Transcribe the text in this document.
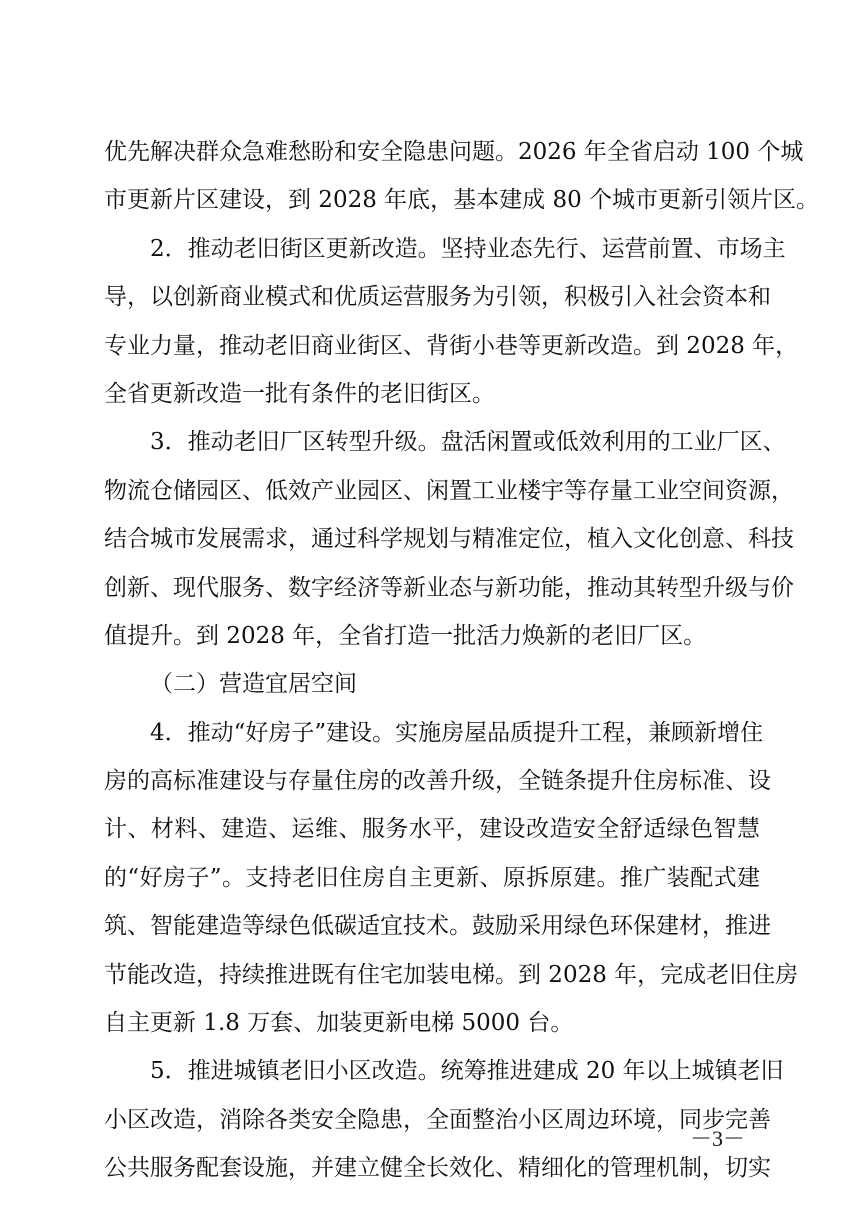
优先解决群众急难愁盼和安全隐患问题。2026 年全省启动 100 个城
市更新片区建设，到 2028 年底，基本建成 80 个城市更新引领片区。
2．推动老旧街区更新改造。坚持业态先行、运营前置、市场主
导，以创新商业模式和优质运营服务为引领，积极引入社会资本和
专业力量，推动老旧商业街区、背街小巷等更新改造。到 2028 年，
全省更新改造一批有条件的老旧街区。
3．推动老旧厂区转型升级。盘活闲置或低效利用的工业厂区、
物流仓储园区、低效产业园区、闲置工业楼宇等存量工业空间资源，
结合城市发展需求，通过科学规划与精准定位，植入文化创意、科技
创新、现代服务、数字经济等新业态与新功能，推动其转型升级与价
值提升。到 2028 年，全省打造一批活力焕新的老旧厂区。
（二）营造宜居空间
4．推动“好房子”建设。实施房屋品质提升工程，兼顾新增住
房的高标准建设与存量住房的改善升级，全链条提升住房标准、设
计、材料、建造、运维、服务水平，建设改造安全舒适绿色智慧
的“好房子”。支持老旧住房自主更新、原拆原建。推广装配式建
筑、智能建造等绿色低碳适宜技术。鼓励采用绿色环保建材，推进
节能改造，持续推进既有住宅加装电梯。到 2028 年，完成老旧住房
自主更新 1.8 万套、加装更新电梯 5000 台。
5．推进城镇老旧小区改造。统筹推进建成 20 年以上城镇老旧
小区改造，消除各类安全隐患，全面整治小区周边环境，同步完善
公共服务配套设施，并建立健全长效化、精细化的管理机制，切实
－3－
